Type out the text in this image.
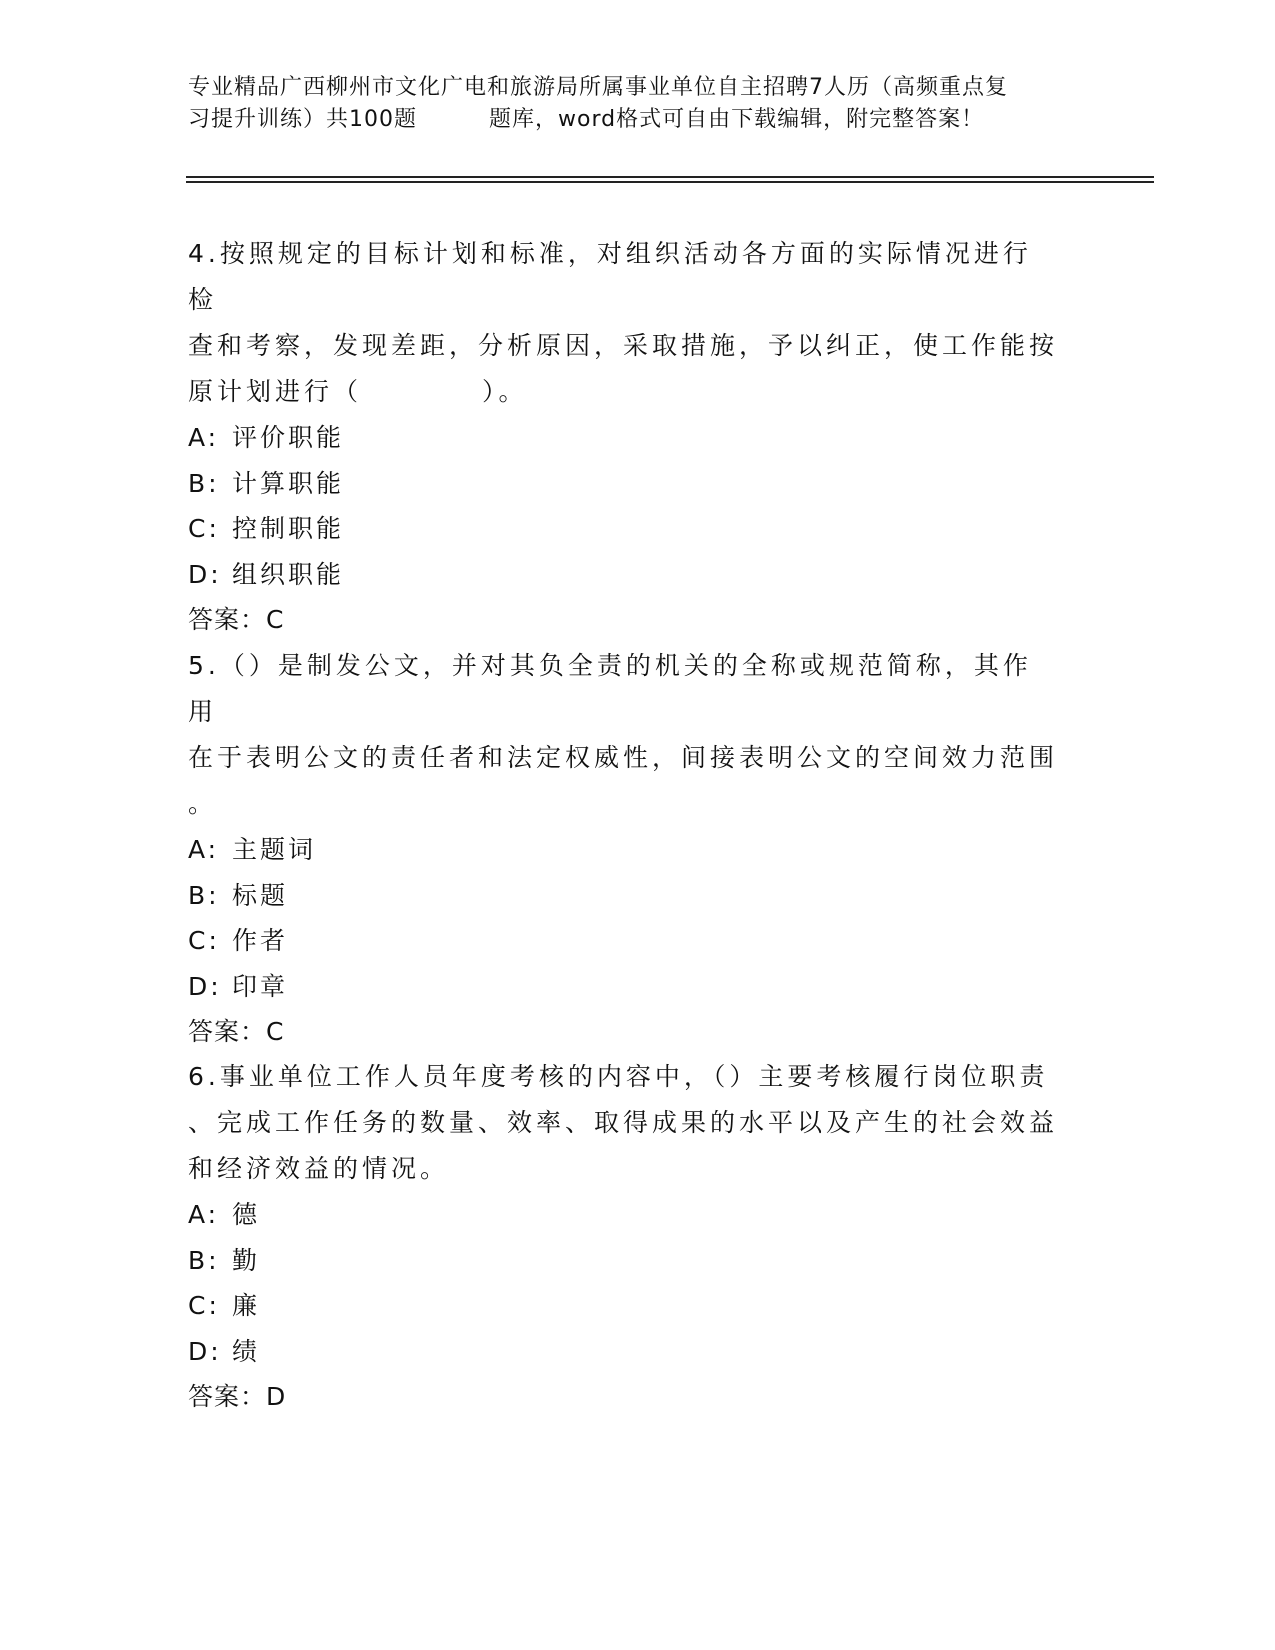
专业精品广西柳州市文化广电和旅游局所属事业单位自主招聘7人历（高频重点复
习提升训练）共100题	题库，word格式可自由下载编辑，附完整答案！

4.按照规定的目标计划和标准，对组织活动各方面的实际情况进行检

查和考察，发现差距，分析原因，采取措施，予以纠正，使工作能按

原计划进行（	）。

A: 评价职能

B: 计算职能

C: 控制职能

D: 组织职能

答案：C

5.（）是制发公文，并对其负全责的机关的全称或规范简称，其作用

在于表明公文的责任者和法定权威性，间接表明公文的空间效力范围

。

A: 主题词

B: 标题

C: 作者

D: 印章

答案：C

6.事业单位工作人员年度考核的内容中，（）主要考核履行岗位职责

、完成工作任务的数量、效率、取得成果的水平以及产生的社会效益

和经济效益的情况。

A: 德

B: 勤

C: 廉

D: 绩

答案：D
